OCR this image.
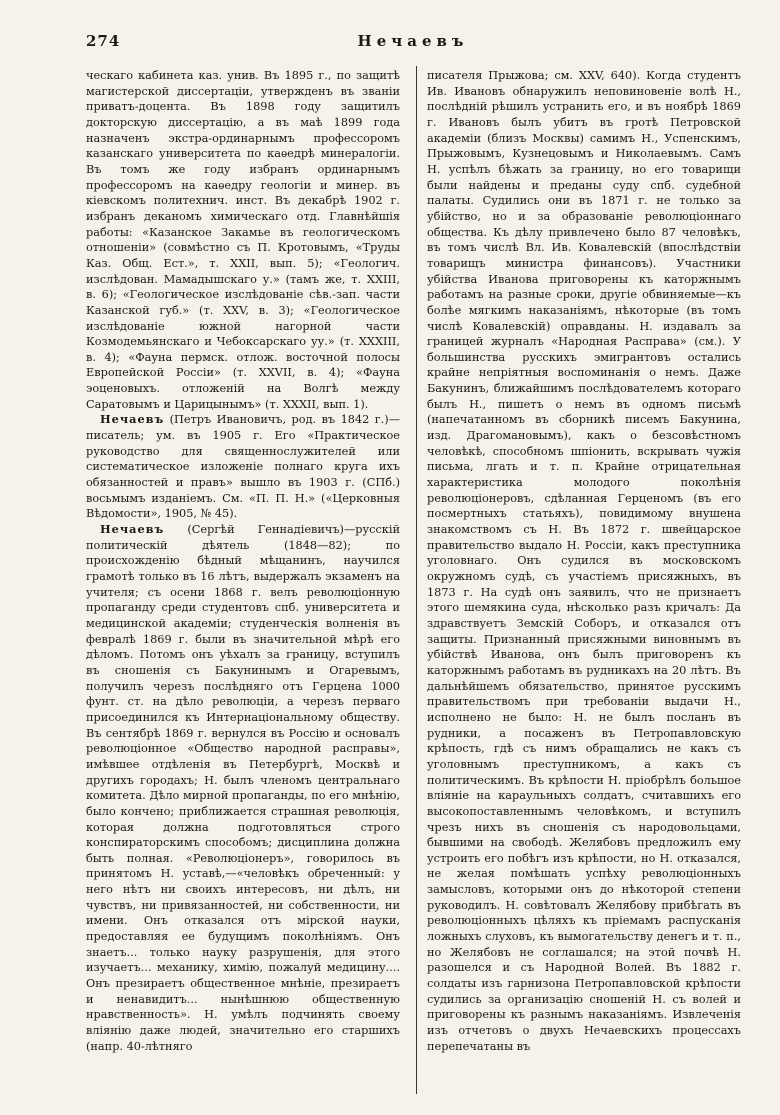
274	Нечаевъ

ческаго кабинета каз. унив. Въ 1895 г., по защитѣ магистерской диссертаціи, утвержденъ въ званіи приватъ-доцента. Въ 1898 году защитилъ докторскую диссертацію, а въ маѣ 1899 года назначенъ экстра-ординарнымъ профессоромъ казанскаго университета по каѳедрѣ минералогіи. Въ томъ же году избранъ ординарнымъ профессоромъ на каѳедру геологіи и минер. въ кіевскомъ политехнич. инст. Въ декабрѣ 1902 г. избранъ деканомъ химическаго отд. Главнѣйшія работы: «Казанское Закамье въ геологическомъ отношеніи» (совмѣстно съ П. Кротовымъ, «Труды Каз. Общ. Ест.», т. XXII, вып. 5); «Геологич. изслѣдован. Мамадышскаго у.» (тамъ же, т. XXIII, в. 6); «Геологическое изслѣдованіе сѣв.-зап. части Казанской губ.» (т. XXV, в. 3); «Геологическое изслѣдованіе южной нагорной части Козмодемьянскаго и Чебоксарскаго уу.» (т. XXXIII, в. 4); «Фауна пермск. отлож. восточной полосы Европейской Россіи» (т. XXVII, в. 4); «Фауна эоценовыхъ. отложеній на Волгѣ между Саратовымъ и Царицынымъ» (т. XXXII, вып. 1).

Нечаевъ (Петръ Ивановичъ, род. въ 1842 г.)—писатель; ум. въ 1905 г. Его «Практическое руководство для священнослужителей или систематическое изложеніе полнаго круга ихъ обязанностей и правъ» вышло въ 1903 г. (СПб.) восьмымъ изданіемъ. См. «П. П. Н.» («Церковныя Вѣдомости», 1905, № 45).

Нечаевъ (Сергѣй Геннадіевичъ)—русскій политическій дѣятель (1848—82); по происхожденію бѣдный мѣщанинъ, научился грамотѣ только въ 16 лѣтъ, выдержалъ экзаменъ на учителя; съ осени 1868 г. велъ революціонную пропаганду среди студентовъ спб. университета и медицинской академіи; студенческія волненія въ февралѣ 1869 г. были въ значительной мѣрѣ его дѣломъ. Потомъ онъ уѣхалъ за границу, вступилъ въ сношенія съ Бакунинымъ и Огаревымъ, получилъ черезъ послѣдняго отъ Герцена 1000 фунт. ст. на дѣло революціи, а черезъ перваго присоединился къ Интернаціональному обществу. Въ сентябрѣ 1869 г. вернулся въ Россію и основалъ революціонное «Общество народной расправы», имѣвшее отдѣленія въ Петербургѣ, Москвѣ и другихъ городахъ; Н. былъ членомъ центральнаго комитета. Дѣло мирной пропаганды, по его мнѣнію, было кончено; приближается страшная революція, которая должна подготовляться строго конспираторскимъ способомъ; дисциплина должна быть полная. «Революціонеръ», говорилось въ принятомъ Н. уставѣ,—«человѣкъ обреченный: у него нѣтъ ни своихъ интересовъ, ни дѣлъ, ни чувствъ, ни привязанностей, ни собственности, ни имени. Онъ отказался отъ мірской науки, предоставляя ее будущимъ поколѣніямъ. Онъ знаетъ... только науку разрушенія, для этого изучаетъ... механику, химію, пожалуй медицину.... Онъ презираетъ общественное мнѣніе, презираетъ и ненавидитъ... нынѣшнюю общественную нравственность». Н. умѣлъ подчинять своему вліянію даже людей, значительно его старшихъ (напр. 40-лѣтняго

писателя Прыжова; см. XXV, 640). Когда студентъ Ив. Ивановъ обнаружилъ неповиновеніе волѣ Н., послѣдній рѣшилъ устранить его, и въ ноябрѣ 1869 г. Ивановъ былъ убитъ въ гротѣ Петровской академіи (близъ Москвы) самимъ Н., Успенскимъ, Прыжовымъ, Кузнецовымъ и Николаевымъ. Самъ Н. успѣлъ бѣжать за границу, но его товарищи были найдены и преданы суду спб. судебной палаты. Судились они въ 1871 г. не только за убійство, но и за образованіе революціоннаго общества. Къ дѣлу привлечено было 87 человѣкъ, въ томъ числѣ Вл. Ив. Ковалевскій (впослѣдствіи товарищъ министра финансовъ). Участники убійства Иванова приговорены къ каторжнымъ работамъ на разные сроки, другіе обвиняемые—къ болѣе мягкимъ наказаніямъ, нѣкоторые (въ томъ числѣ Ковалевскій) оправданы. Н. издавалъ за границей журналъ «Народная Расправа» (см.). У большинства русскихъ эмигрантовъ остались крайне непріятныя воспоминанія о немъ. Даже Бакунинъ, ближайшимъ послѣдователемъ котораго былъ Н., пишетъ о немъ въ одномъ письмѣ (напечатанномъ въ сборникѣ писемъ Бакунина, изд. Драгомановымъ), какъ о безсовѣстномъ человѣкѣ, способномъ шпіонить, вскрывать чужія письма, лгать и т. п. Крайне отрицательная характеристика молодого поколѣнія революціонеровъ, сдѣланная Герценомъ (въ его посмертныхъ статьяхъ), повидимому внушена знакомствомъ съ Н. Въ 1872 г. швейцарское правительство выдало Н. Россіи, какъ преступника уголовнаго. Онъ судился въ московскомъ окружномъ судѣ, съ участіемъ присяжныхъ, въ 1873 г. На судѣ онъ заявилъ, что не признаетъ этого шемякина суда, нѣсколько разъ кричалъ: Да здравствуетъ Земскій Соборъ, и отказался отъ защиты. Признанный присяжными виновнымъ въ убійствѣ Иванова, онъ былъ приговоренъ къ каторжнымъ работамъ въ рудникахъ на 20 лѣтъ. Въ дальнѣйшемъ обязательство, принятое русскимъ правительствомъ при требованіи выдачи Н., исполнено не было: Н. не былъ посланъ въ рудники, а посаженъ въ Петропавловскую крѣпость, гдѣ съ нимъ обращались не какъ съ уголовнымъ преступникомъ, а какъ съ политическимъ. Въ крѣпости Н. пріобрѣлъ большое вліяніе на караульныхъ солдатъ, считавшихъ его высокопоставленнымъ человѣкомъ, и вступилъ чрезъ нихъ въ сношенія съ народовольцами, бывшими на свободѣ. Желябовъ предложилъ ему устроить его побѣгъ изъ крѣпости, но Н. отказался, не желая помѣшать успѣху революціонныхъ замысловъ, которыми онъ до нѣкоторой степени руководилъ. Н. совѣтовалъ Желябову прибѣгать въ революціонныхъ цѣляхъ къ пріемамъ распусканія ложныхъ слуховъ, къ вымогательству денегъ и т. п., но Желябовъ не соглашался; на этой почвѣ Н. разошелся и съ Народной Волей. Въ 1882 г. солдаты изъ гарнизона Петропавловской крѣпости судились за организацію сношеній Н. съ волей и приговорены къ разнымъ наказаніямъ. Извлеченія изъ отчетовъ о двухъ Нечаевскихъ процессахъ перепечатаны въ
